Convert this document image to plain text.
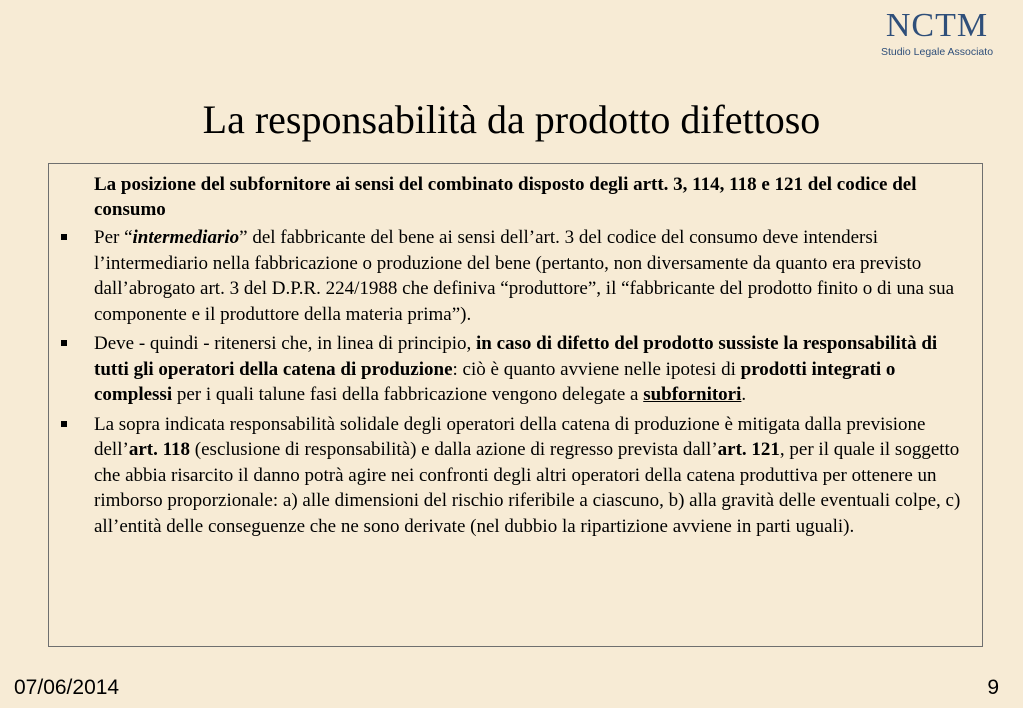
NCTM
Studio Legale Associato
La responsabilità da prodotto difettoso

La posizione del subfornitore ai sensi del combinato disposto degli artt. 3, 114, 118 e 121 del codice del consumo

Per “intermediario” del fabbricante del bene ai sensi dell’art. 3 del codice del consumo deve intendersi l’intermediario nella fabbricazione o produzione del bene (pertanto, non diversamente da quanto era previsto dall’abrogato art. 3 del D.P.R. 224/1988 che definiva “produttore”, il “fabbricante del prodotto finito o di una sua componente e il produttore della materia prima”).
Deve - quindi - ritenersi che, in linea di principio, in caso di difetto del prodotto sussiste la responsabilità di tutti gli operatori della catena di produzione: ciò è quanto avviene nelle ipotesi di prodotti integrati o complessi per i quali talune fasi della fabbricazione vengono delegate a subfornitori.
La sopra indicata responsabilità solidale degli operatori della catena di produzione è mitigata dalla previsione dell’art. 118 (esclusione di responsabilità) e dalla azione di regresso prevista dall’art. 121, per il quale il soggetto che abbia risarcito il danno potrà agire nei confronti degli altri operatori della catena produttiva per ottenere un rimborso proporzionale: a) alle dimensioni del rischio riferibile a ciascuno, b) alla gravità delle eventuali colpe, c) all’entità delle conseguenze che ne sono derivate (nel dubbio la ripartizione avviene in parti uguali).
07/06/2014	9
